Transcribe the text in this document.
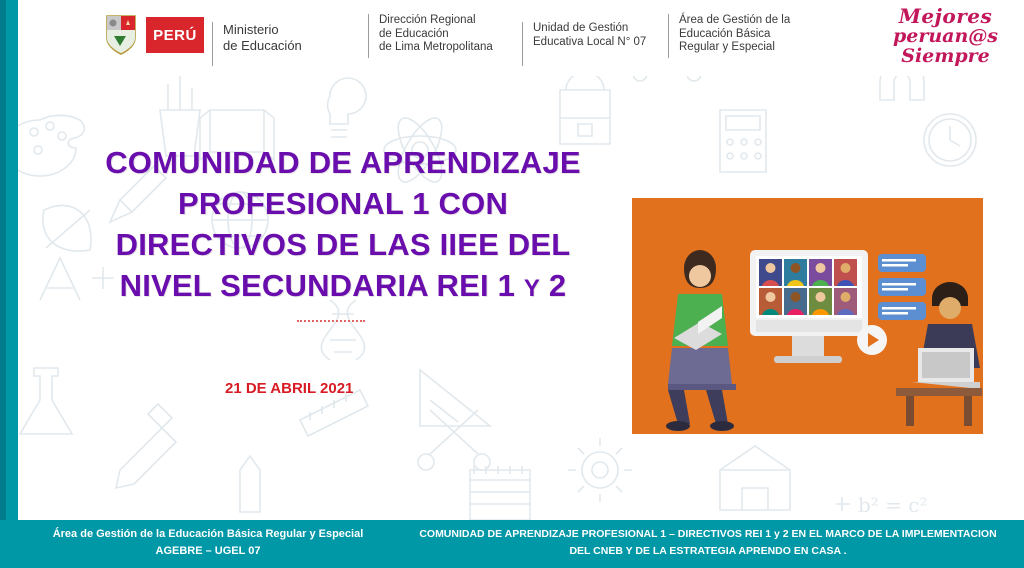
b² = c²
PERÚ	Ministerio
de Educación
Dirección Regional
de Educación
de Lima Metropolitana
Unidad de Gestión
Educativa Local N° 07
Área de Gestión de la
Educación Básica
Regular y Especial
Mejores
peruan@s
Siempre
COMUNIDAD DE APRENDIZAJE
PROFESIONAL 1 CON
DIRECTIVOS DE LAS IIEE DEL
NIVEL SECUNDARIA REI 1 Y 2
21 DE ABRIL 2021
Área de Gestión de la Educación Básica Regular y Especial
AGEBRE – UGEL 07
COMUNIDAD DE APRENDIZAJE PROFESIONAL 1 – DIRECTIVOS REI 1 y 2 EN EL MARCO DE LA IMPLEMENTACION
DEL CNEB Y DE LA ESTRATEGIA APRENDO EN CASA .
